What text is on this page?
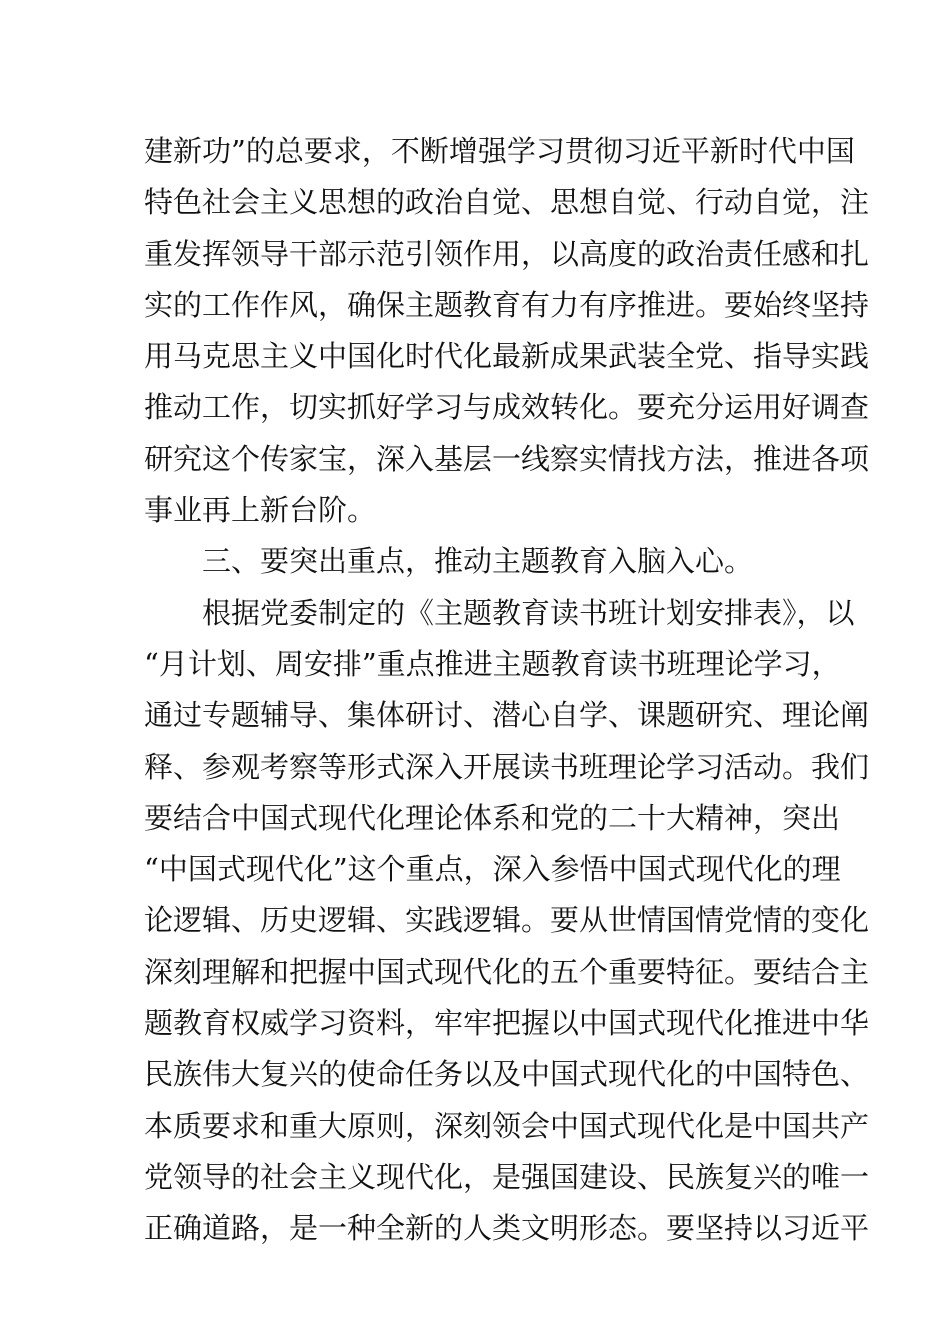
建新功”的总要求，不断增强学习贯彻习近平新时代中国
特色社会主义思想的政治自觉、思想自觉、行动自觉，注
重发挥领导干部示范引领作用，以高度的政治责任感和扎
实的工作作风，确保主题教育有力有序推进。要始终坚持
用马克思主义中国化时代化最新成果武装全党、指导实践
推动工作，切实抓好学习与成效转化。要充分运用好调查
研究这个传家宝，深入基层一线察实情找方法，推进各项
事业再上新台阶。
　　三、要突出重点，推动主题教育入脑入心。
　　根据党委制定的《主题教育读书班计划安排表》，以
“月计划、周安排”重点推进主题教育读书班理论学习，
通过专题辅导、集体研讨、潜心自学、课题研究、理论阐
释、参观考察等形式深入开展读书班理论学习活动。我们
要结合中国式现代化理论体系和党的二十大精神，突出
“中国式现代化”这个重点，深入参悟中国式现代化的理
论逻辑、历史逻辑、实践逻辑。要从世情国情党情的变化
深刻理解和把握中国式现代化的五个重要特征。要结合主
题教育权威学习资料，牢牢把握以中国式现代化推进中华
民族伟大复兴的使命任务以及中国式现代化的中国特色、
本质要求和重大原则，深刻领会中国式现代化是中国共产
党领导的社会主义现代化，是强国建设、民族复兴的唯一
正确道路，是一种全新的人类文明形态。要坚持以习近平
